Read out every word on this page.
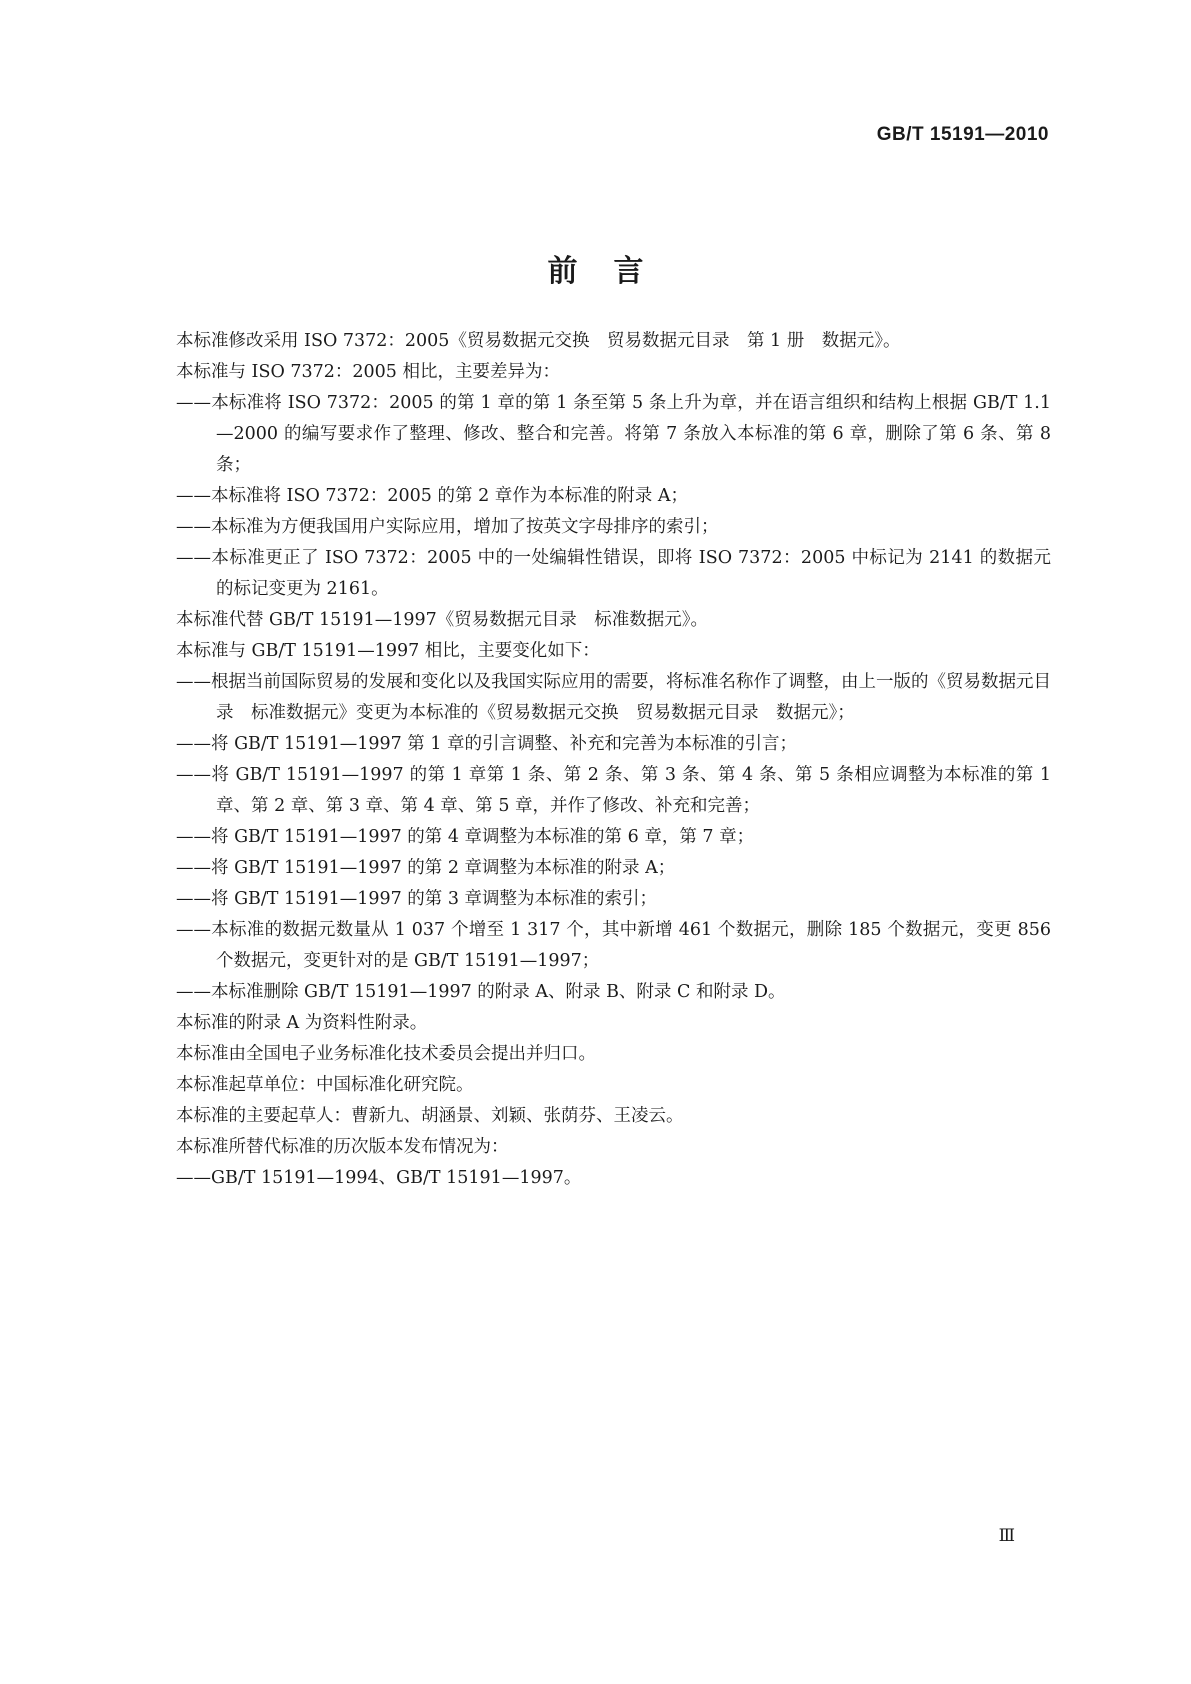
GB/T 15191—2010
前言

本标准修改采用 ISO 7372：2005《贸易数据元交换　贸易数据元目录　第 1 册　数据元》。

本标准与 ISO 7372：2005 相比，主要差异为：

——本标准将 ISO 7372：2005 的第 1 章的第 1 条至第 5 条上升为章，并在语言组织和结构上根据 GB/T 1.1—2000 的编写要求作了整理、修改、整合和完善。将第 7 条放入本标准的第 6 章，删除了第 6 条、第 8 条；

——本标准将 ISO 7372：2005 的第 2 章作为本标准的附录 A；

——本标准为方便我国用户实际应用，增加了按英文字母排序的索引；

——本标准更正了 ISO 7372：2005 中的一处编辑性错误，即将 ISO 7372：2005 中标记为 2141 的数据元的标记变更为 2161。

本标准代替 GB/T 15191—1997《贸易数据元目录　标准数据元》。

本标准与 GB/T 15191—1997 相比，主要变化如下：

——根据当前国际贸易的发展和变化以及我国实际应用的需要，将标准名称作了调整，由上一版的《贸易数据元目录　标准数据元》变更为本标准的《贸易数据元交换　贸易数据元目录　数据元》；

——将 GB/T 15191—1997 第 1 章的引言调整、补充和完善为本标准的引言；

——将 GB/T 15191—1997 的第 1 章第 1 条、第 2 条、第 3 条、第 4 条、第 5 条相应调整为本标准的第 1 章、第 2 章、第 3 章、第 4 章、第 5 章，并作了修改、补充和完善；

——将 GB/T 15191—1997 的第 4 章调整为本标准的第 6 章，第 7 章；

——将 GB/T 15191—1997 的第 2 章调整为本标准的附录 A；

——将 GB/T 15191—1997 的第 3 章调整为本标准的索引；

——本标准的数据元数量从 1 037 个增至 1 317 个，其中新增 461 个数据元，删除 185 个数据元，变更 856 个数据元，变更针对的是 GB/T 15191—1997；

——本标准删除 GB/T 15191—1997 的附录 A、附录 B、附录 C 和附录 D。

本标准的附录 A 为资料性附录。

本标准由全国电子业务标准化技术委员会提出并归口。

本标准起草单位：中国标准化研究院。

本标准的主要起草人：曹新九、胡涵景、刘颖、张荫芬、王凌云。

本标准所替代标准的历次版本发布情况为：

——GB/T 15191—1994、GB/T 15191—1997。

Ⅲ
